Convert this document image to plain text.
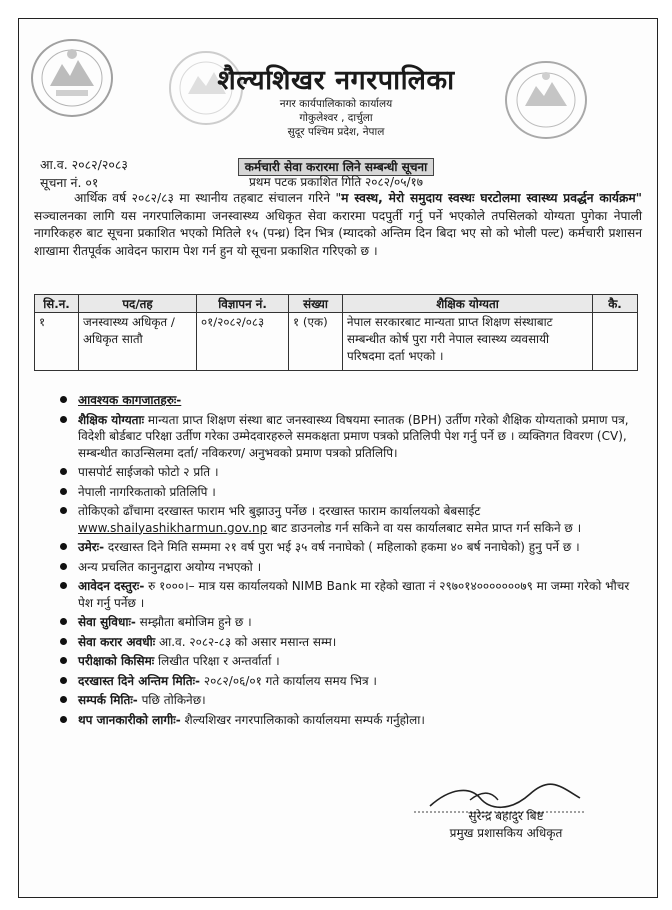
शैल्यशिखर नगरपालिका
नगर कार्यपालिकाको कार्यालय
गोकुलेश्वर , दार्चुला
सुदूर पश्चिम प्रदेश, नेपाल
आ.व. २०८२/२०८३
सूचना नं. ०१
कर्मचारी सेवा करारमा लिने सम्बन्धी सूचना
प्रथम पटक प्रकाशित गिति २०८२/०५/१७
आर्थिक वर्ष २०८२/८३ मा स्थानीय तहबाट संचालन गरिने "म स्वस्थ, मेरो समुदाय स्वस्थः घरटोलमा स्वास्थ्य प्रवर्द्धन कार्यक्रम" सञ्चालनका लागि यस नगरपालिकामा जनस्वास्थ्य अधिकृत सेवा करारमा पदपुर्ती गर्नु पर्ने भएकोले तपसिलको योग्यता पुगेका नेपाली नागरिकहरु बाट सूचना प्रकाशित भएको मितिले १५ (पन्ध्र) दिन भित्र (म्यादको अन्तिम दिन बिदा भए सो को भोली पल्ट) कर्मचारी प्रशासन शाखामा रीतपूर्वक आवेदन फाराम पेश गर्न हुन यो सूचना प्रकाशित गरिएको छ ।
सि.न.	पद/तह	विज्ञापन नं.	संख्या	शैक्षिक योग्यता	कै.
१	जनस्वास्थ्य अधिकृत / अधिकृत सातौ	०१/२०८२/०८३	१ (एक)	नेपाल सरकारबाट मान्यता प्राप्त शिक्षण संस्थाबाट सम्बन्धीत कोर्ष पुरा गरी नेपाल स्वास्थ्य व्यवसायी परिषदमा दर्ता भएको ।	
आवश्यक कागजातहरुः-
शैक्षिक योग्यताः मान्यता प्राप्त शिक्षण संस्था बाट जनस्वास्थ्य विषयमा स्नातक (BPH) उर्तीण गरेको शैक्षिक योग्यताको प्रमाण पत्र, विदेशी बोर्डबाट परिक्षा उर्तीण गरेका उम्मेदवारहरुले समकक्षता प्रमाण पत्रको प्रतिलिपी पेश गर्नु पर्ने छ । व्यक्तिगत विवरण (CV), सम्बन्धीत काउन्सिलमा दर्ता/ नविकरण/ अनुभवको प्रमाण पत्रको प्रतिलिपि।
पासपोर्ट साईजको फोटो २ प्रति ।
नेपाली नागरिकताको प्रतिलिपि ।
तोकिएको ढाँचामा दरखास्त फाराम भरि बुझाउनु पर्नेछ । दरखास्त फाराम कार्यालयको बेबसाईट
www.shailyashikharmun.gov.np बाट डाउनलोड गर्न सकिने वा यस कार्यालबाट समेत प्राप्त गर्न सकिने छ ।
उमेरः- दरखास्त दिने मिति सम्ममा २१ वर्ष पुरा भई ३५ वर्ष ननाघेको ( महिलाको हकमा ४० बर्ष ननाघेको) हुनु पर्ने छ ।
अन्य प्रचलित कानुनद्वारा अयोग्य नभएको ।
आवेदन दस्तुरः- रु १०००।– मात्र यस कार्यालयको NIMB Bank मा रहेको खाता नं २९७०१४०००००००७९ मा जम्मा गरेको भौचर पेश गर्नु पर्नेछ ।
सेवा सुविधाः- सम्झौता बमोजिम हुने छ ।
सेवा करार अवधीः आ.व. २०८२-८३ को असार मसान्त सम्म।
परीक्षाको किसिमः लिखीत परिक्षा र अन्तर्वार्ता ।
दरखास्त दिने अन्तिम मितिः- २०८२/०६/०१ गते कार्यालय समय भित्र ।
सम्पर्क मितिः- पछि तोकिनेछ।
थप जानकारीको लागीः- शैल्यशिखर नगरपालिकाको कार्यालयमा सम्पर्क गर्नुहोला।
सुरेन्द्र बहादुर बिष्ट
प्रमुख प्रशासकिय अधिकृत
